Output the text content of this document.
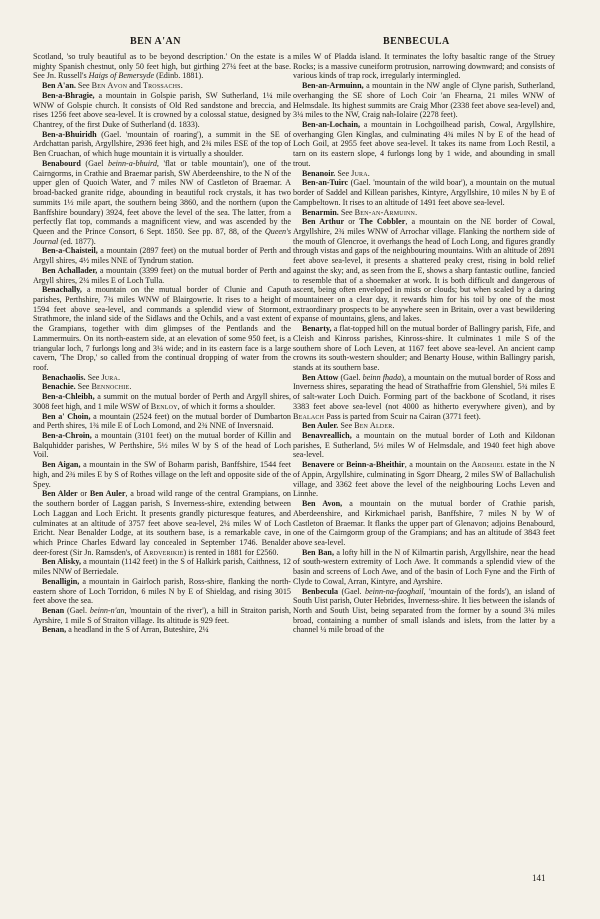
BEN A'AN	BENBECULA

Scotland, 'so truly beautiful as to be beyond description.' On the estate is a mighty Spanish chestnut, only 50 feet high, but girthing 27¼ feet at the base. See Jn. Russell's Haigs of Bemersyde (Edinb. 1881).

Ben A'an. See Ben Avon and Trossachs.

Ben-a-Bhragie, a mountain in Golspie parish, SW Sutherland, 1¼ mile WNW of Golspie church. It consists of Old Red sandstone and breccia, and rises 1256 feet above sea-level. It is crowned by a colossal statue, designed by Chantrey, of the first Duke of Sutherland (d. 1833).

Ben-a-Bhuiridh (Gael. 'mountain of roaring'), a summit in the SE of Ardchattan parish, Argyllshire, 2936 feet high, and 2¾ miles ESE of the top of Ben Cruachan, of which huge mountain it is virtually a shoulder.

Benabourd (Gael beinn-a-bhuird, 'flat or table mountain'), one of the Cairngorms, in Crathie and Braemar parish, SW Aberdeenshire, to the N of the upper glen of Quoich Water, and 7 miles NW of Castleton of Braemar. A broad-backed granite ridge, abounding in beautiful rock crystals, it has two summits 1½ mile apart, the southern being 3860, and the northern (upon the Banffshire boundary) 3924, feet above the level of the sea. The latter, from a perfectly flat top, commands a magnificent view, and was ascended by the Queen and the Prince Consort, 6 Sept. 1850. See pp. 87, 88, of the Queen's Journal (ed. 1877).

Ben-a-Chaisteil, a mountain (2897 feet) on the mutual border of Perth and Argyll shires, 4½ miles NNE of Tyndrum station.

Ben Achallader, a mountain (3399 feet) on the mutual border of Perth and Argyll shires, 2¼ miles E of Loch Tulla.

Benachally, a mountain on the mutual border of Clunie and Caputh parishes, Perthshire, 7¾ miles WNW of Blairgowrie. It rises to a height of 1594 feet above sea-level, and commands a splendid view of Stormont, Strathmore, the inland side of the Sidlaws and the Ochils, and a vast extent of the Grampians, together with dim glimpses of the Pentlands and the Lammermuirs. On its north-eastern side, at an elevation of some 950 feet, is a triangular loch, 7 furlongs long and 3¼ wide; and in its eastern face is a large cavern, 'The Drop,' so called from the continual dropping of water from the roof.

Benachaolis. See Jura.

Benachie. See Bennochie.

Ben-a-Chleibh, a summit on the mutual border of Perth and Argyll shires, 3008 feet high, and 1 mile WSW of Benloy, of which it forms a shoulder.

Ben a' Choin, a mountain (2524 feet) on the mutual border of Dumbarton and Perth shires, 1¾ mile E of Loch Lomond, and 2¾ NNE of Inversnaid.

Ben-a-Chroin, a mountain (3101 feet) on the mutual border of Killin and Balquhidder parishes, W Perthshire, 5½ miles W by S of the head of Loch Voil.

Ben Aigan, a mountain in the SW of Boharm parish, Banffshire, 1544 feet high, and 2¾ miles E by S of Rothes village on the left and opposite side of the Spey.

Ben Alder or Ben Auler, a broad wild range of the central Grampians, on the southern border of Laggan parish, S Inverness-shire, extending between Loch Laggan and Loch Ericht. It presents grandly picturesque features, and culminates at an altitude of 3757 feet above sea-level, 2¼ miles W of Loch Ericht. Near Benalder Lodge, at its southern base, is a remarkable cave, in which Prince Charles Edward lay concealed in September 1746. Benalder deer-forest (Sir Jn. Ramsden's, of Ardverikie) is rented in 1881 for £2560.

Ben Alisky, a mountain (1142 feet) in the S of Halkirk parish, Caithness, 12 miles NNW of Berriedale.

Benalligin, a mountain in Gairloch parish, Ross-shire, flanking the north-eastern shore of Loch Torridon, 6 miles N by E of Shieldag, and rising 3015 feet above the sea.

Benan (Gael. beinn-n'an, 'mountain of the river'), a hill in Straiton parish, Ayrshire, 1 mile S of Straiton village. Its altitude is 929 feet.

Benan, a headland in the S of Arran, Buteshire, 2¼

miles W of Pladda island. It terminates the lofty basaltic range of the Struey Rocks; is a massive cuneiform protrusion, narrowing downward; and consists of various kinds of trap rock, irregularly intermingled.

Ben-an-Armuinn, a mountain in the NW angle of Clyne parish, Sutherland, overhanging the SE shore of Loch Coir 'an Fhearna, 21 miles WNW of Helmsdale. Its highest summits are Craig Mhor (2338 feet above sea-level) and, 3¼ miles to the NW, Craig nah-Iolaire (2278 feet).

Ben-an-Lochain, a mountain in Lochgoilhead parish, Cowal, Argyllshire, overhanging Glen Kinglas, and culminating 4¾ miles N by E of the head of Loch Goil, at 2955 feet above sea-level. It takes its name from Loch Restil, a tarn on its eastern slope, 4 furlongs long by 1 wide, and abounding in small trout.

Benanoir. See Jura.

Ben-an-Tuirc (Gael. 'mountain of the wild boar'), a mountain on the mutual border of Saddel and Killean parishes, Kintyre, Argyllshire, 10 miles N by E of Campbeltown. It rises to an altitude of 1491 feet above sea-level.

Benarmin. See Ben-an-Armuinn.

Ben Arthur or The Cobbler, a mountain on the NE border of Cowal, Argyllshire, 2¾ miles WNW of Arrochar village. Flanking the northern side of the mouth of Glencroe, it overhangs the head of Loch Long, and figures grandly through vistas and gaps of the neighbouring mountains. With an altitude of 2891 feet above sea-level, it presents a shattered peaky crest, rising in bold relief against the sky; and, as seen from the E, shows a sharp fantastic outline, fancied to resemble that of a shoemaker at work. It is both difficult and dangerous of ascent, being often enveloped in mists or clouds; but when scaled by a daring mountaineer on a clear day, it rewards him for his toil by one of the most extraordinary prospects to be anywhere seen in Britain, over a vast bewildering expanse of mountains, glens, and lakes.

Benarty, a flat-topped hill on the mutual border of Ballingry parish, Fife, and Cleish and Kinross parishes, Kinross-shire. It culminates 1 mile S of the southern shore of Loch Leven, at 1167 feet above sea-level. An ancient camp crowns its south-western shoulder; and Benarty House, within Ballingry parish, stands at its southern base.

Ben Attow (Gael. beinn fhada), a mountain on the mutual border of Ross and Inverness shires, separating the head of Strathaffrie from Glenshiel, 5¾ miles E of salt-water Loch Duich. Forming part of the backbone of Scotland, it rises 3383 feet above sea-level (not 4000 as hitherto everywhere given), and by Bealach Pass is parted from Scuir na Cairan (3771 feet).

Ben Auler. See Ben Alder.

Benavreallich, a mountain on the mutual border of Loth and Kildonan parishes, E Sutherland, 5½ miles W of Helmsdale, and 1940 feet high above sea-level.

Benavere or Beinn-a-Bheithir, a mountain on the Ardshiel estate in the N of Appin, Argyllshire, culminating in Sgorr Dhearg, 2 miles SW of Ballachulish village, and 3362 feet above the level of the neighbouring Lochs Leven and Linnhe.

Ben Avon, a mountain on the mutual border of Crathie parish, Aberdeenshire, and Kirkmichael parish, Banffshire, 7 miles N by W of Castleton of Braemar. It flanks the upper part of Glenavon; adjoins Benabourd, one of the Cairngorm group of the Grampians; and has an altitude of 3843 feet above sea-level.

Ben Ban, a lofty hill in the N of Kilmartin parish, Argyllshire, near the head of south-western extremity of Loch Awe. It commands a splendid view of the basin and screens of Loch Awe, and of the basin of Loch Fyne and the Firth of Clyde to Cowal, Arran, Kintyre, and Ayrshire.

Benbecula (Gael. beinn-na-faoghail, 'mountain of the fords'), an island of South Uist parish, Outer Hebrides, Inverness-shire. It lies between the islands of North and South Uist, being separated from the former by a sound 3¼ miles broad, containing a number of small islands and islets, from the latter by a channel ¼ mile broad of the

141
